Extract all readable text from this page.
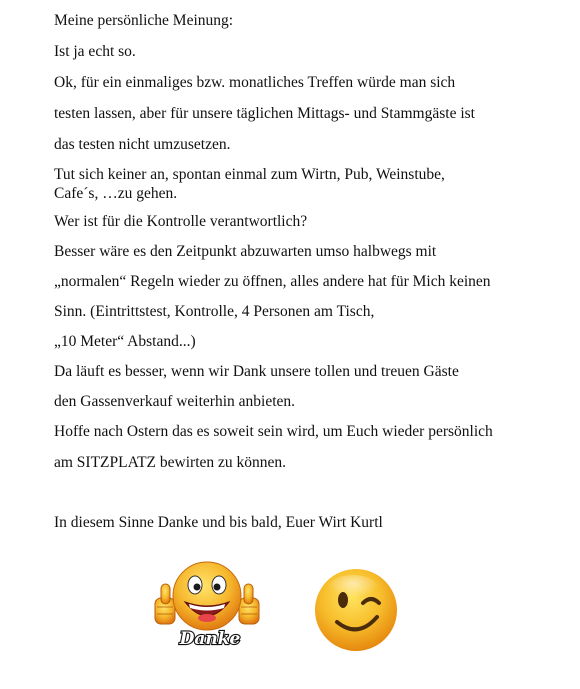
Meine persönliche Meinung:

Ist ja echt so.

Ok, für ein einmaliges bzw. monatliches Treffen würde man sich

testen lassen, aber für unsere täglichen Mittags- und Stammgäste ist

das testen nicht umzusetzen.

Tut sich keiner an, spontan einmal zum Wirtn, Pub, Weinstube,

Cafe´s, …zu gehen.

Wer ist für die Kontrolle verantwortlich?

Besser wäre es den Zeitpunkt abzuwarten umso halbwegs mit

„normalen“ Regeln wieder zu öffnen, alles andere hat für Mich keinen

Sinn. (Eintrittstest, Kontrolle, 4 Personen am Tisch,

„10 Meter“ Abstand...)

Da läuft es besser, wenn wir Dank unsere tollen und treuen Gäste

den Gassenverkauf weiterhin anbieten.

Hoffe nach Ostern das es soweit sein wird, um Euch wieder persönlich

am SITZPLATZ bewirten zu können.

In diesem Sinne Danke und bis bald, Euer Wirt Kurtl

Danke
